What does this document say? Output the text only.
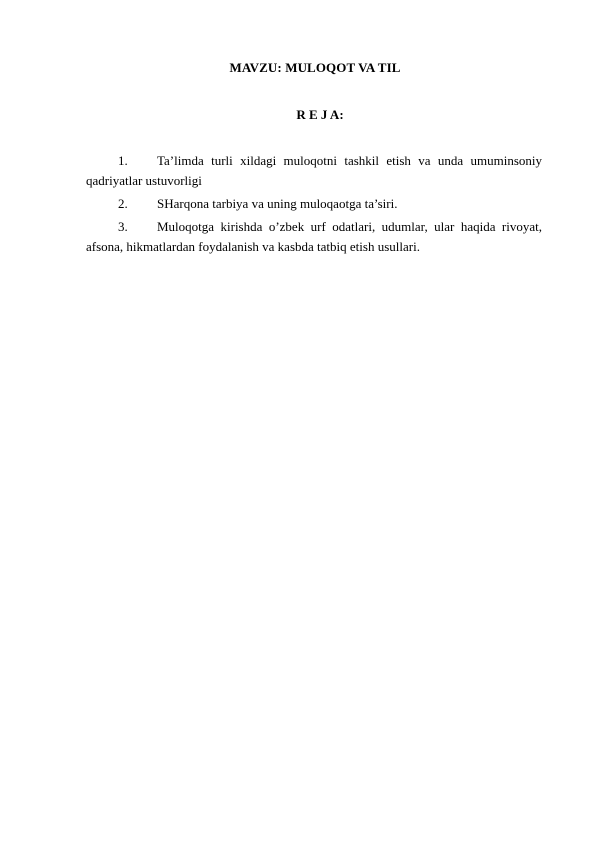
MAVZU: MULOQOT VA TIL
R E J A:
1. Ta’limda turli xildagi muloqotni tashkil etish va unda umuminsoniy qadriyatlar ustuvorligi
2. SHarqona tarbiya va uning muloqaotga ta’siri.
3. Muloqotga kirishda o’zbek urf odatlari, udumlar, ular haqida rivoyat, afsona, hikmatlardan foydalanish va kasbda tatbiq etish usullari.
